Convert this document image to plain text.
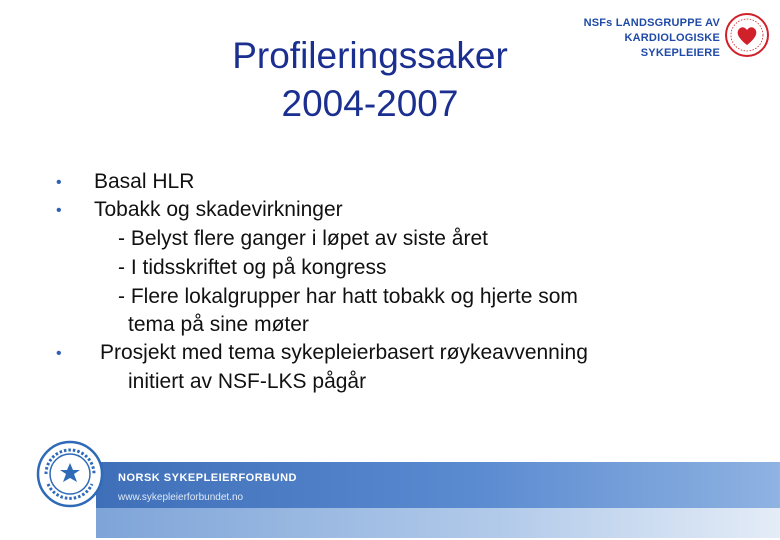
Profileringssaker
2004-2007
NSFs LANDSGRUPPE AV
KARDIOLOGISKE SYKEPLEIERE
• Basal HLR
• Tobakk og skadevirkninger
- Belyst flere ganger i løpet av siste året
- I tidsskriftet og på kongress
- Flere lokalgrupper har hatt tobakk og hjerte som
tema på sine møter
• Prosjekt med tema sykepleierbasert røykeavvenning
initiert av NSF-LKS pågår
NORSK SYKEPLEIERFORBUND
www.sykepleierforbundet.no
